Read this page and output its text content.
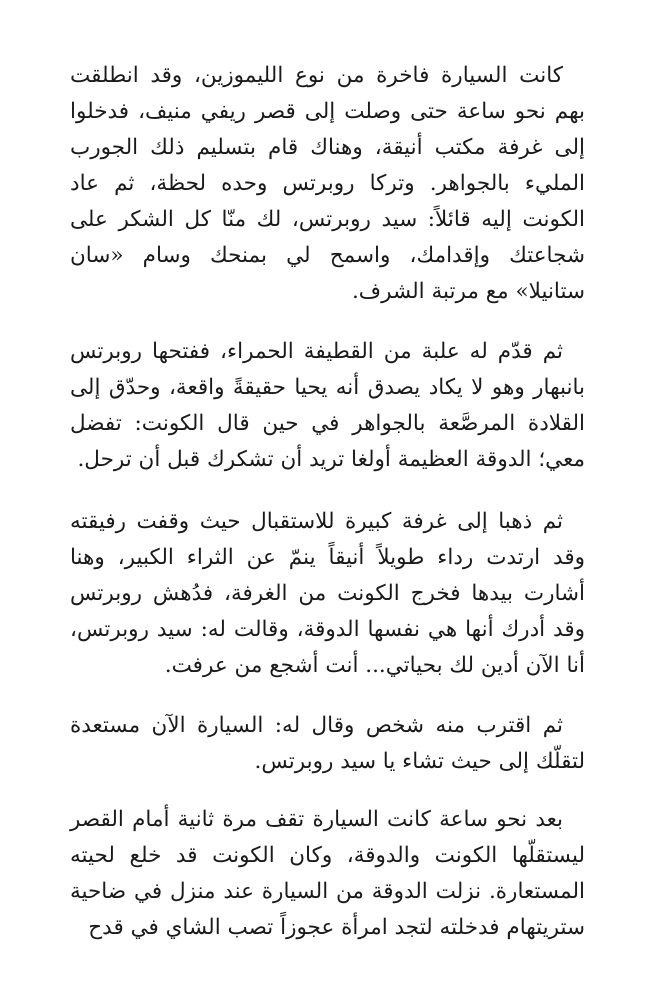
كانت السيارة فاخرة من نوع الليموزين، وقد انطلقت بهم نحو ساعة حتى وصلت إلى قصر ريفي منيف، فدخلوا إلى غرفة مكتب أنيقة، وهناك قام بتسليم ذلك الجورب المليء بالجواهر. وتركا روبرتس وحده لحظة، ثم عاد الكونت إليه قائلاً: سيد روبرتس، لك منّا كل الشكر على شجاعتك وإقدامك، واسمح لي بمنحك وسام «سان ستانيلا» مع مرتبة الشرف.

ثم قدّم له علبة من القطيفة الحمراء، ففتحها روبرتس بانبهار وهو لا يكاد يصدق أنه يحيا حقيقةً واقعة، وحدّق إلى القلادة المرصَّعة بالجواهر في حين قال الكونت: تفضل معي؛ الدوقة العظيمة أولغا تريد أن تشكرك قبل أن ترحل.

ثم ذهبا إلى غرفة كبيرة للاستقبال حيث وقفت رفيقته وقد ارتدت رداء طويلاً أنيقاً ينمّ عن الثراء الكبير، وهنا أشارت بيدها فخرج الكونت من الغرفة، فدُهش روبرتس وقد أدرك أنها هي نفسها الدوقة، وقالت له: سيد روبرتس، أنا الآن أدين لك بحياتي... أنت أشجع من عرفت.

ثم اقترب منه شخص وقال له: السيارة الآن مستعدة لتقلّك إلى حيث تشاء يا سيد روبرتس.

بعد نحو ساعة كانت السيارة تقف مرة ثانية أمام القصر ليستقلّها الكونت والدوقة، وكان الكونت قد خلع لحيته المستعارة. نزلت الدوقة من السيارة عند منزل في ضاحية ستريتهام فدخلته لتجد امرأة عجوزاً تصب الشاي في قدح
